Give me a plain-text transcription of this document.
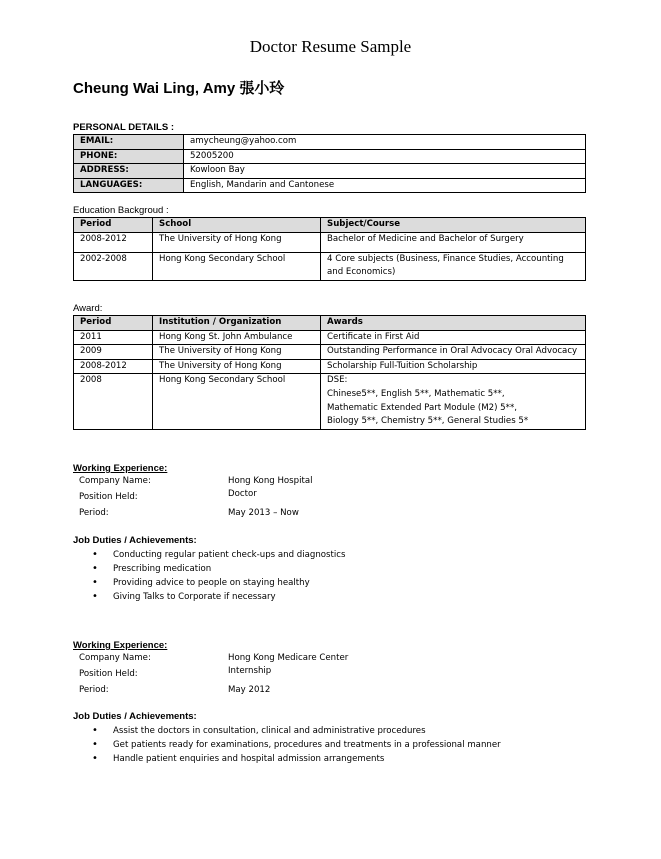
Doctor Resume Sample
Cheung Wai Ling, Amy 張小玲
PERSONAL DETAILS :
EMAIL:	amycheung@yahoo.com
PHONE:	52005200
ADDRESS:	Kowloon Bay
LANGUAGES:	English, Mandarin and Cantonese
Education Backgroud :
Period	School	Subject/Course
2008-2012	The University of Hong Kong	Bachelor of Medicine and Bachelor of Surgery
2002-2008	Hong Kong Secondary School	4 Core subjects (Business, Finance Studies, Accounting and Economics)
Award:
Period	Institution / Organization	Awards
2011	Hong Kong St. John Ambulance	Certificate in First Aid
2009	The University of Hong Kong	Outstanding Performance in Oral Advocacy Oral Advocacy
2008-2012	The University of Hong Kong	Scholarship Full-Tuition Scholarship
2008	Hong Kong Secondary School	DSE:
Chinese5**, English 5**, Mathematic 5**,
Mathematic Extended Part Module (M2) 5**,
Biology 5**, Chemistry 5**, General Studies 5*
Working Experience:
Company Name:	Hong Kong Hospital
Position Held:	Doctor
Period:	May 2013 – Now
Job Duties / Achievements:
• Conducting regular patient check-ups and diagnostics
• Prescribing medication
• Providing advice to people on staying healthy
• Giving Talks to Corporate if necessary
Working Experience:
Company Name:	Hong Kong Medicare Center
Position Held:	Internship
Period:	May 2012
Job Duties / Achievements:
• Assist the doctors in consultation, clinical and administrative procedures
• Get patients ready for examinations, procedures and treatments in a professional manner
• Handle patient enquiries and hospital admission arrangements
